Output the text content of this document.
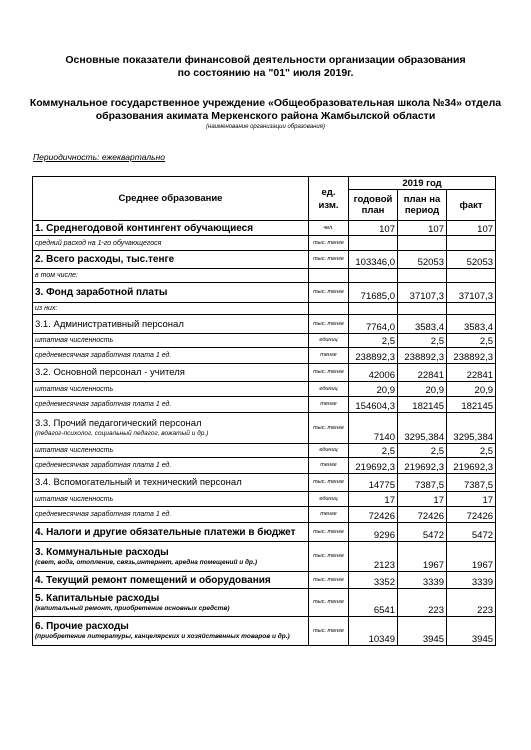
Основные показатели финансовой деятельности организации образования
по состоянию на "01" июля 2019г.
Коммунальное государственное учреждение «Общеобразовательная школа №34» отдела
образования акимата Меркенского района Жамбылской области
(наименование организации образования)
Периодичность: ежеквартально
Среднее образование	ед. изм.	2019 год		
		годовой план	план на период	факт
1. Среднегодовой контингент обучающиеся	чел.	107	107	107
средний расход на 1-го обучающегося	тыс. тенге			
2. Всего расходы, тыс.тенге	тыс. тенге	103346,0	52053	52053
в том числе:				
3. Фонд заработной платы	тыс. тенге	71685,0	37107,3	37107,3
из них:				
3.1. Административный персонал	тыс. тенге	7764,0	3583,4	3583,4
штатная численность	единиц	2,5	2,5	2,5
среднемесячная заработная плата 1 ед.	тенге	238892,3	238892,3	238892,3
3.2. Основной персонал - учителя	тыс. тенге	42006	22841	22841
штатная численность	единиц	20,9	20,9	20,9
среднемесячная заработная плата 1 ед.	тенге	154604,3	182145	182145

3.3. Прочий педагогический персонал
(педагог-психолог, социальный педагог, вожатый и др.)	тыс. тенге	7140	3295,384	3295,384
штатная численность	единиц	2,5	2,5	2,5
среднемесячная заработная плата 1 ед.	тенге	219692,3	219692,3	219692,3
3.4. Вспомогательный и технический персонал	тыс. тенге	14775	7387,5	7387,5
штатная численность	единиц	17	17	17
среднемесячная заработная плата 1 ед.	тенге	72426	72426	72426
4. Налоги и другие обязательные платежи в бюджет	тыс. тенге	9296	5472	5472

3. Коммунальные расходы
(свет, вода, отопление, связь,интернет, аредна помещений и др.)	тыс. тенге	2123	1967	1967
4. Текущий ремонт помещений и оборудования	тыс. тенге	3352	3339	3339

5. Капитальные расходы
(капитальный ремонт, приобретение основных средств)	тыс. тенге	6541	223	223

6. Прочие расходы
(приобретение литературы, канцелярских и хозяйственных товаров и др.)	тыс. тенге	10349	3945	3945
